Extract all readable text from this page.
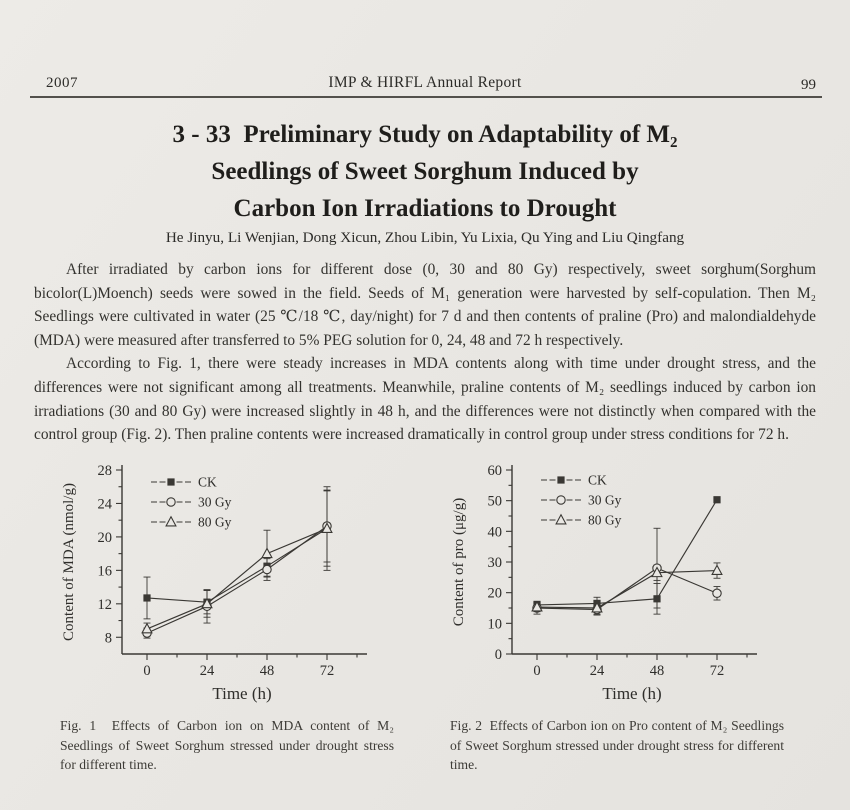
2007	IMP & HIRFL Annual Report	99
3 - 33  Preliminary Study on Adaptability of M₂
Seedlings of Sweet Sorghum Induced by
Carbon Ion Irradiations to Drought
He Jinyu, Li Wenjian, Dong Xicun, Zhou Libin, Yu Lixia, Qu Ying and Liu Qingfang

After irradiated by carbon ions for different dose (0, 30 and 80 Gy) respectively, sweet sorghum(Sorghum bicolor(L)Moench) seeds were sowed in the field. Seeds of M₁ generation were harvested by self-copulation. Then M₂ Seedlings were cultivated in water (25 ℃/18 ℃, day/night) for 7 d and then contents of praline (Pro) and malondialdehyde (MDA) were measured after transferred to 5% PEG solution for 0, 24, 48 and 72 h respectively.

According to Fig. 1, there were steady increases in MDA contents along with time under drought stress, and the differences were not significant among all treatments. Meanwhile, praline contents of M₂ seedlings induced by carbon ion irradiations (30 and 80 Gy) were increased slightly in 48 h, and the differences were not distinctly when compared with the control group (Fig. 2). Then praline contents were increased dramatically in control group under stress conditions for 72 h.

8
12
16
20
24
28
0	24	48	72
Time (h)
Content of MDA (nmol/g)
CK
30 Gy
80 Gy
Fig. 1  Effects of Carbon ion on MDA content of M₂ Seedlings of Sweet Sorghum stressed under drought stress for different time.
0
10
20
30
40
50
60
0	24	48	72
Time (h)
Content of pro (μg/g)
CK
30 Gy
80 Gy
Fig. 2  Effects of Carbon ion on Pro content of M₂ Seedlings of Sweet Sorghum stressed under drought stress for different time.
